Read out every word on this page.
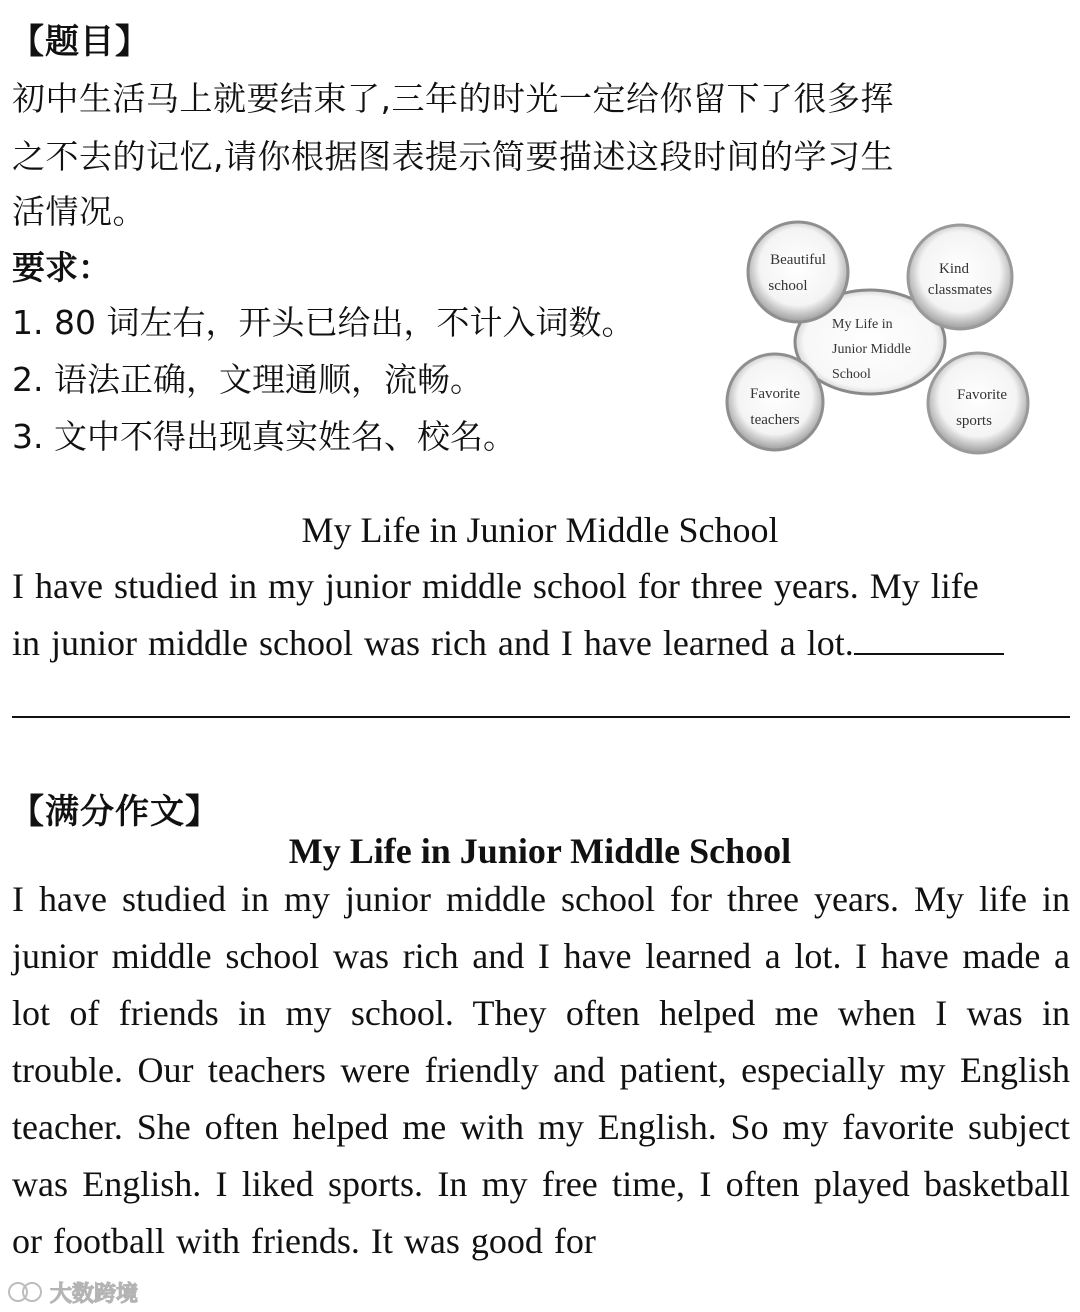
【题目】
初中生活马上就要结束了,三年的时光一定给你留下了很多挥
之不去的记忆,请你根据图表提示简要描述这段时间的学习生
活情况。
要求：
1. 80 词左右，开头已给出，不计入词数。
2. 语法正确，文理通顺，流畅。
3. 文中不得出现真实姓名、校名。
My Life in
Junior Middle
School
Beautiful
school
Kind
classmates
Favorite
teachers
Favorite
sports
My Life in Junior Middle School
I have studied in my junior middle school for three years. My life
in junior middle school was rich and I have learned a lot.
【满分作文】
My Life in Junior Middle School
I have studied in my junior middle school for three years. My life in junior middle school was rich and I have learned a lot. I have made a lot of friends in my school. They often helped me when I was in trouble. Our teachers were friendly and patient, especially my English teacher. She often helped me with my English. So my favorite subject was English. I liked sports. In my free time, I often played basketball or football with friends. It was good for
大数跨境
